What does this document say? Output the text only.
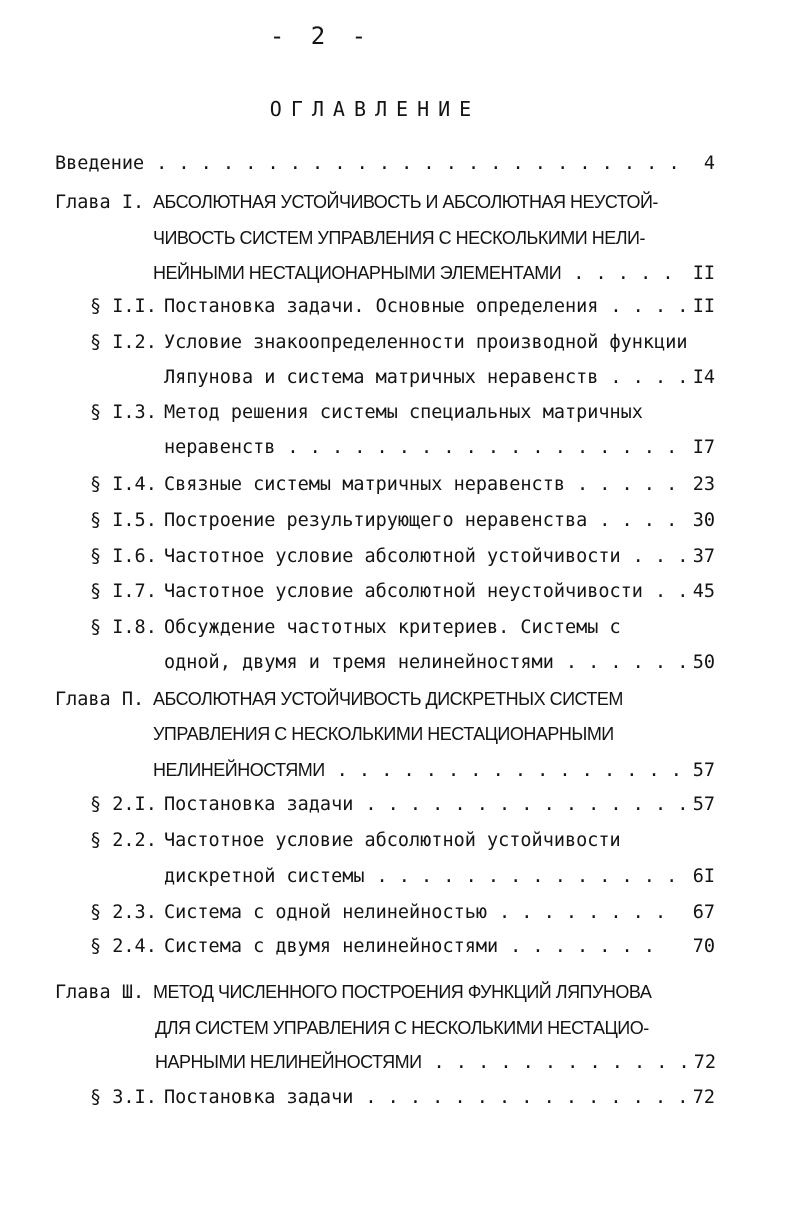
- 2 -
ОГЛАВЛЕНИЕ
Введение . . . . . . . . . . . . . . . . . . . . . . . . 4
Глава I. АБСОЛЮТНАЯ УСТОЙЧИВОСТЬ И АБСОЛЮТНАЯ НЕУСТОЙ-
ЧИВОСТЬ СИСТЕМ УПРАВЛЕНИЯ С НЕСКОЛЬКИМИ НЕЛИ-
НЕЙНЫМИ НЕСТАЦИОНАРНЫМИ ЭЛЕМЕНТАМИ . . . . . II
§ I.I. Постановка задачи. Основные определения . . . . II
§ I.2. Условие знакоопределенности производной функции
Ляпунова и система матричных неравенств . . . . I4
§ I.3. Метод решения системы специальных матричных
неравенств . . . . . . . . . . . . . . . . . . I7
§ I.4. Связные системы матричных неравенств . . . . . 23
§ I.5. Построение результирующего неравенства . . . . 30
§ I.6. Частотное условие абсолютной устойчивости . . . 37
§ I.7. Частотное условие абсолютной неустойчивости . . 45
§ I.8. Обсуждение частотных критериев. Системы с
одной, двумя и тремя нелинейностями . . . . . . 50
Глава П. АБСОЛЮТНАЯ УСТОЙЧИВОСТЬ ДИСКРЕТНЫХ СИСТЕМ
УПРАВЛЕНИЯ С НЕСКОЛЬКИМИ НЕСТАЦИОНАРНЫМИ
НЕЛИНЕЙНОСТЯМИ . . . . . . . . . . . . . . . . 57
§ 2.I. Постановка задачи . . . . . . . . . . . . . . . 57
§ 2.2. Частотное условие абсолютной устойчивости
дискретной системы . . . . . . . . . . . . . . 6I
§ 2.3. Система с одной нелинейностью . . . . . . . . 67
§ 2.4. Система с двумя нелинейностями . . . . . . . 70
Глава Ш. МЕТОД ЧИСЛЕННОГО ПОСТРОЕНИЯ ФУНКЦИЙ ЛЯПУНОВА
ДЛЯ СИСТЕМ УПРАВЛЕНИЯ С НЕСКОЛЬКИМИ НЕСТАЦИО-
НАРНЫМИ НЕЛИНЕЙНОСТЯМИ . . . . . . . . . . . . 72
§ 3.I. Постановка задачи . . . . . . . . . . . . . . . 72
